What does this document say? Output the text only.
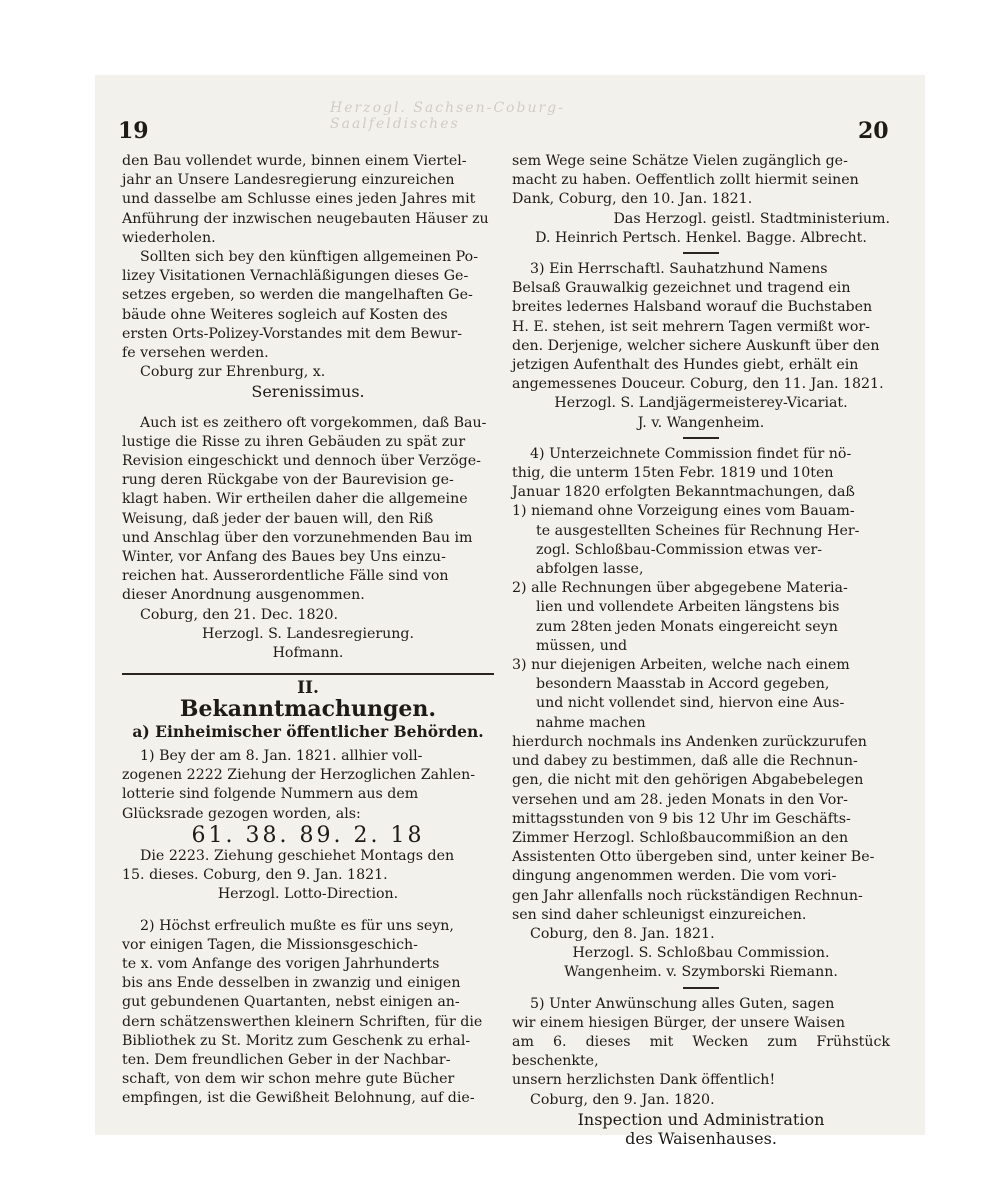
Herzogl. Sachsen-Coburg-Saalfeldisches
19	20

den Bau vollendet wurde, binnen einem Viertel-
jahr an Unsere Landesregierung einzureichen
und dasselbe am Schlusse eines jeden Jahres mit
Anführung der inzwischen neugebauten Häuser zu
wiederholen.

Sollten sich bey den künftigen allgemeinen Po-
lizey Visitationen Vernachläßigungen dieses Ge-
setzes ergeben, so werden die mangelhaften Ge-
bäude ohne Weiteres sogleich auf Kosten des
ersten Orts-Polizey-Vorstandes mit dem Bewur-
fe versehen werden.

Coburg zur Ehrenburg, x.

Serenissimus.

Auch ist es zeithero oft vorgekommen, daß Bau-
lustige die Risse zu ihren Gebäuden zu spät zur
Revision eingeschickt und dennoch über Verzöge-
rung deren Rückgabe von der Baurevision ge-
klagt haben. Wir ertheilen daher die allgemeine
Weisung, daß jeder der bauen will, den Riß
und Anschlag über den vorzunehmenden Bau im
Winter, vor Anfang des Baues bey Uns einzu-
reichen hat. Ausserordentliche Fälle sind von
dieser Anordnung ausgenommen.

Coburg, den 21. Dec. 1820.

Herzogl. S. Landesregierung.

Hofmann.

II.
Bekanntmachungen.
a) Einheimischer öffentlicher Behörden.

1) Bey der am 8. Jan. 1821. allhier voll-
zogenen 2222 Ziehung der Herzoglichen Zahlen-
lotterie sind folgende Nummern aus dem
Glücksrade gezogen worden, als:

61. 38. 89. 2. 18

Die 2223. Ziehung geschiehet Montags den
15. dieses. Coburg, den 9. Jan. 1821.

Herzogl. Lotto-Direction.

2) Höchst erfreulich mußte es für uns seyn,
vor einigen Tagen, die Missionsgeschich-
te x. vom Anfange des vorigen Jahrhunderts
bis ans Ende desselben in zwanzig und einigen
gut gebundenen Quartanten, nebst einigen an-
dern schätzenswerthen kleinern Schriften, für die
Bibliothek zu St. Moritz zum Geschenk zu erhal-
ten. Dem freundlichen Geber in der Nachbar-
schaft, von dem wir schon mehre gute Bücher
empfingen, ist die Gewißheit Belohnung, auf die-

sem Wege seine Schätze Vielen zugänglich ge-
macht zu haben. Oeffentlich zollt hiermit seinen
Dank, Coburg, den 10. Jan. 1821.

Das Herzogl. geistl. Stadtministerium.

D. Heinrich Pertsch. Henkel. Bagge. Albrecht.

3) Ein Herrschaftl. Sauhatzhund Namens
Belsaß Grauwalkig gezeichnet und tragend ein
breites ledernes Halsband worauf die Buchstaben
H. E. stehen, ist seit mehrern Tagen vermißt wor-
den. Derjenige, welcher sichere Auskunft über den
jetzigen Aufenthalt des Hundes giebt, erhält ein
angemessenes Douceur. Coburg, den 11. Jan. 1821.

Herzogl. S. Landjägermeisterey-Vicariat.

J. v. Wangenheim.

4) Unterzeichnete Commission findet für nö-
thig, die unterm 15ten Febr. 1819 und 10ten
Januar 1820 erfolgten Bekanntmachungen, daß

1) niemand ohne Vorzeigung eines vom Bauam-
te ausgestellten Scheines für Rechnung Her-
zogl. Schloßbau-Commission etwas ver-
abfolgen lasse,

2) alle Rechnungen über abgegebene Materia-
lien und vollendete Arbeiten längstens bis
zum 28ten jeden Monats eingereicht seyn
müssen, und

3) nur diejenigen Arbeiten, welche nach einem
besondern Maasstab in Accord gegeben,
und nicht vollendet sind, hiervon eine Aus-
nahme machen

hierdurch nochmals ins Andenken zurückzurufen
und dabey zu bestimmen, daß alle die Rechnun-
gen, die nicht mit den gehörigen Abgabebelegen
versehen und am 28. jeden Monats in den Vor-
mittagsstunden von 9 bis 12 Uhr im Geschäfts-
Zimmer Herzogl. Schloßbaucommißion an den
Assistenten Otto übergeben sind, unter keiner Be-
dingung angenommen werden. Die vom vori-
gen Jahr allenfalls noch rückständigen Rechnun-
sen sind daher schleunigst einzureichen.

Coburg, den 8. Jan. 1821.

Herzogl. S. Schloßbau Commission.

Wangenheim. v. Szymborski Riemann.

5) Unter Anwünschung alles Guten, sagen
wir einem hiesigen Bürger, der unsere Waisen
am 6. dieses mit Wecken zum Frühstück beschenkte,
unsern herzlichsten Dank öffentlich!

Coburg, den 9. Jan. 1820.

Inspection und Administration

des Waisenhauses.
